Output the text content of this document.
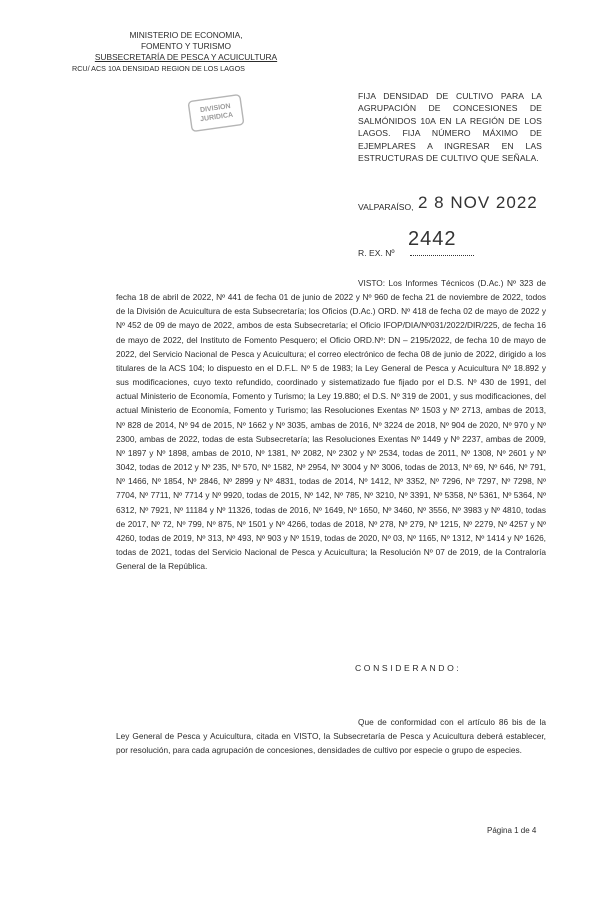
MINISTERIO DE ECONOMIA,
FOMENTO Y TURISMO
SUBSECRETARÍA DE PESCA Y ACUICULTURA
RCU/ ACS 10A DENSIDAD REGION DE LOS LAGOS
DIVISION
JURIDICA
FIJA DENSIDAD DE CULTIVO PARA LA AGRUPACIÓN DE CONCESIONES DE SALMÓNIDOS 10A EN LA REGIÓN DE LOS LAGOS. FIJA NÚMERO MÁXIMO DE EJEMPLARES A INGRESAR EN LAS ESTRUCTURAS DE CULTIVO QUE SEÑALA.
VALPARAÍSO, 2 8 NOV 2022
2442
R. EX. Nº
VISTO: Los Informes Técnicos (D.Ac.) Nº 323 de fecha 18 de abril de 2022, Nº 441 de fecha 01 de junio de 2022 y Nº 960 de fecha 21 de noviembre de 2022, todos de la División de Acuicultura de esta Subsecretaría; los Oficios (D.Ac.) ORD. Nº 418 de fecha 02 de mayo de 2022 y Nº 452 de 09 de mayo de 2022, ambos de esta Subsecretaría; el Oficio IFOP/DIA/Nº031/2022/DIR/225, de fecha 16 de mayo de 2022, del Instituto de Fomento Pesquero; el Oficio ORD.Nº: DN – 2195/2022, de fecha 10 de mayo de 2022, del Servicio Nacional de Pesca y Acuicultura; el correo electrónico de fecha 08 de junio de 2022, dirigido a los titulares de la ACS 104; lo dispuesto en el D.F.L. Nº 5 de 1983; la Ley General de Pesca y Acuicultura Nº 18.892 y sus modificaciones, cuyo texto refundido, coordinado y sistematizado fue fijado por el D.S. Nº 430 de 1991, del actual Ministerio de Economía, Fomento y Turismo; la Ley 19.880; el D.S. Nº 319 de 2001, y sus modificaciones, del actual Ministerio de Economía, Fomento y Turismo; las Resoluciones Exentas Nº 1503 y Nº 2713, ambas de 2013, Nº 828 de 2014, Nº 94 de 2015, Nº 1662 y Nº 3035, ambas de 2016, Nº 3224 de 2018, Nº 904 de 2020, Nº 970 y Nº 2300, ambas de 2022, todas de esta Subsecretaría; las Resoluciones Exentas Nº 1449 y Nº 2237, ambas de 2009, Nº 1897 y Nº 1898, ambas de 2010, Nº 1381, Nº 2082, Nº 2302 y Nº 2534, todas de 2011, Nº 1308, Nº 2601 y Nº 3042, todas de 2012 y Nº 235, Nº 570, Nº 1582, Nº 2954, Nº 3004 y Nº 3006, todas de 2013, Nº 69, Nº 646, Nº 791, Nº 1466, Nº 1854, Nº 2846, Nº 2899 y Nº 4831, todas de 2014, Nº 1412, Nº 3352, Nº 7296, Nº 7297, Nº 7298, Nº 7704, Nº 7711, Nº 7714 y Nº 9920, todas de 2015, Nº 142, Nº 785, Nº 3210, Nº 3391, Nº 5358, Nº 5361, Nº 5364, Nº 6312, Nº 7921, Nº 11184 y Nº 11326, todas de 2016, Nº 1649, Nº 1650, Nº 3460, Nº 3556, Nº 3983 y Nº 4810, todas de 2017, Nº 72, Nº 799, Nº 875, Nº 1501 y Nº 4266, todas de 2018, Nº 278, Nº 279, Nº 1215, Nº 2279, Nº 4257 y Nº 4260, todas de 2019, Nº 313, Nº 493, Nº 903 y Nº 1519, todas de 2020, Nº 03, Nº 1165, Nº 1312, Nº 1414 y Nº 1626, todas de 2021, todas del Servicio Nacional de Pesca y Acuicultura; la Resolución Nº 07 de 2019, de la Contraloría General de la República.
CONSIDERANDO:
Que de conformidad con el artículo 86 bis de la Ley General de Pesca y Acuicultura, citada en VISTO, la Subsecretaría de Pesca y Acuicultura deberá establecer, por resolución, para cada agrupación de concesiones, densidades de cultivo por especie o grupo de especies.
Página 1 de 4
